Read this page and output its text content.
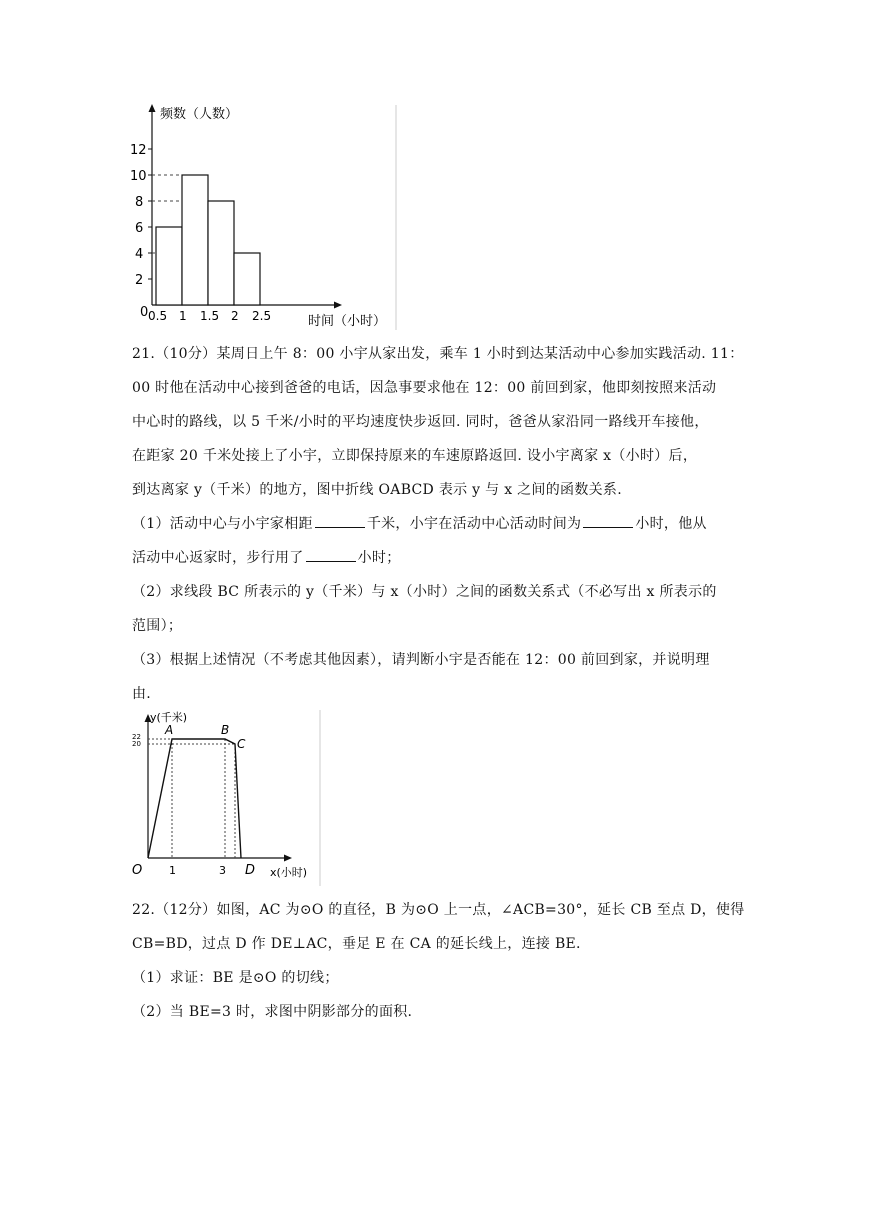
频数（人数）
时间（小时）
0
2
4
6
8
10
12
0.5 1 1.5 2 2.5
21.（10分）某周日上午 8：00 小宇从家出发，乘车 1 小时到达某活动中心参加实践活动. 11：
00 时他在活动中心接到爸爸的电话，因急事要求他在 12：00 前回到家，他即刻按照来活动
中心时的路线，以 5 千米/小时的平均速度快步返回. 同时，爸爸从家沿同一路线开车接他，
在距家 20 千米处接上了小宇，立即保持原来的车速原路返回. 设小宇离家 x（小时）后，
到达离家 y（千米）的地方，图中折线 OABCD 表示 y 与 x 之间的函数关系.
（1）活动中心与小宇家相距	千米，小宇在活动中心活动时间为	小时，他从
活动中心返家时，步行用了	小时；
（2）求线段 BC 所表示的 y（千米）与 x（小时）之间的函数关系式（不必写出 x 所表示的
范围）；
（3）根据上述情况（不考虑其他因素），请判断小宇是否能在 12：00 前回到家，并说明理
由.
y(千米)
x(小时)
22
20
1	3
O
A	B
C
D
22.（12分）如图，AC 为⊙O 的直径，B 为⊙O 上一点，∠ACB=30°，延长 CB 至点 D，使得
CB=BD，过点 D 作 DE⊥AC，垂足 E 在 CA 的延长线上，连接 BE.
（1）求证：BE 是⊙O 的切线；
（2）当 BE=3 时，求图中阴影部分的面积.
